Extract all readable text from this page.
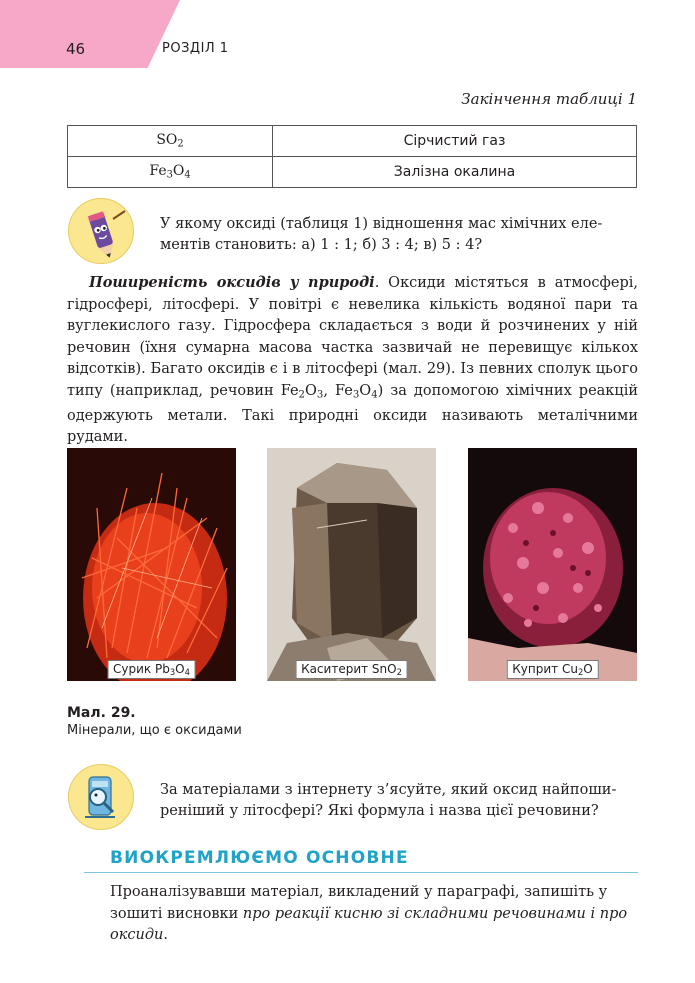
46	РОЗДІЛ 1
Закінчення таблиці 1
$SO_2$	Сірчистий газ
$Fe_3O_4$	Залізна окалина
У якому оксиді (таблиця 1) відношення мас хімічних еле-
ментів становить: а) 1 : 1; б) 3 : 4; в) 5 : 4?
Поширеність оксидів у природі. Оксиди містяться в атмосфері, гідросфері, літосфері. У повітрі є невелика кількість водяної пари та вуглекислого газу. Гідросфера складається з води й розчинених у ній речовин (їхня сумарна масова частка зазвичай не перевищує кількох відсотків). Багато оксидів є і в літосфері (мал. 29). Із певних сполук цього типу (наприклад, речовин $Fe_2O_3$, $Fe_3O_4$) за допомогою хімічних реакцій одержують метали. Такі природні оксиди називають металічними рудами.
Сурик $Pb_3O_4$	Каситерит SnO$_2$	Куприт $Cu_2O$
Мал. 29.
Мінерали, що є оксидами
За матеріалами з інтернету з’ясуйте, який оксид найпоши-
реніший у літосфері? Які формула і назва цієї речовини?
ВИОКРЕМЛЮЄМО ОСНОВНЕ
Проаналізувавши матеріал, викладений у параграфі, запишіть у зошиті висновки про реакції кисню зі складними речовинами і про оксиди.
